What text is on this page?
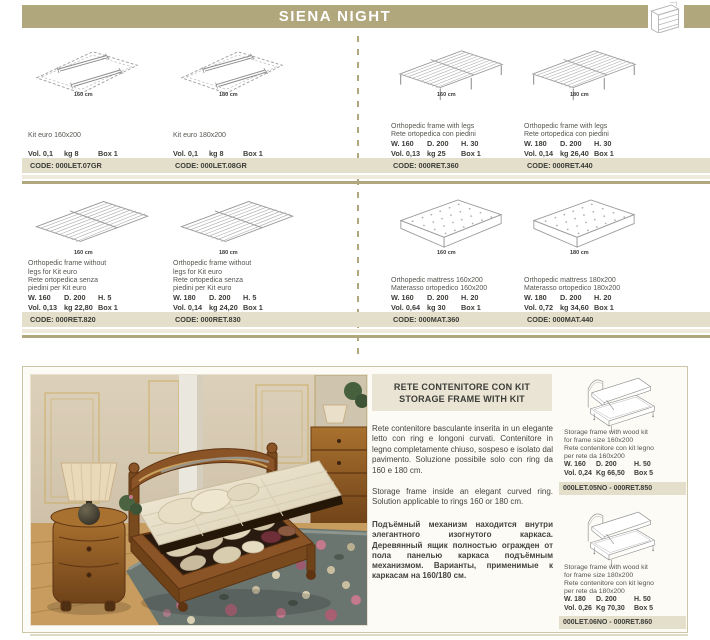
SIENA NIGHT
160 cm
Kit euro 160x200
Vol. 0,1	kg 8	Box 1
180 cm
Kit euro 180x200
Vol. 0,1	kg 8	Box 1
160 cm
Orthopedic frame with legs
Rete ortopedica con piedini
W. 160	D. 200	H. 30
Vol. 0,13 kg 25	Box 1
180 cm
Orthopedic frame with legs
Rete ortopedica con piedini
W. 180	D. 200	H. 30
Vol. 0,14 kg 26,40 Box 1
CODE: 000LET.07GR	CODE: 000LET.08GR	CODE: 000RET.360	CODE: 000RET.440
160 cm
Orthopedic frame without
legs for Kit euro
Rete ortopedica senza
piedini per Kit euro
W. 160	D. 200	H. 5
Vol. 0,13 kg 22,80 Box 1
180 cm
Orthopedic frame without
legs for Kit euro
Rete ortopedica senza
piedini per Kit euro
W. 180	D. 200	H. 5
Vol. 0,14 kg 24,20 Box 1
160 cm
Orthopedic mattress 160x200
Materasso ortopedico 160x200
W. 160	D. 200	H. 20
Vol. 0,64 kg 30	Box 1
180 cm
Orthopedic mattress 180x200
Materasso ortopedico 180x200
W. 180	D. 200	H. 20
Vol. 0,72 kg 34,60 Box 1
CODE: 000RET.820	CODE: 000RET.830	CODE: 000MAT.360	CODE: 000MAT.440
RETE CONTENITORE CON KIT
STORAGE FRAME WITH KIT
Rete contenitore basculante inserita in un elegante letto con ring e longoni curvati. Contenitore in legno completamente chiuso, sospeso e isolato dal pavimento. Soluzione possibile solo con ring da 160 e 180 cm.
Storage frame inside an elegant curved ring. Solution applicable to rings 160 or 180 cm.
Подъёмный механизм находится внутри элегантного изогнутого каркаса. Деревянный ящик полностью огражден от пола панелью каркаса подъёмным механизмом. Варианты, применимые к каркасам на 160/180 см.
Storage frame with wood kit
for frame size 160x200
Rete contenitore con kit legno
per rete da 160x200
W. 160	D. 200	H. 50
Vol. 0,24 Kg 66,50	Box 5
000LET.05NO - 000RET.850
Storage frame with wood kit
for frame size 180x200
Rete contenitore con kit legno
per rete da 180x200
W. 180	D. 200	H. 50
Vol. 0,26 Kg 70,30	Box 5
000LET.06NO - 000RET.860
